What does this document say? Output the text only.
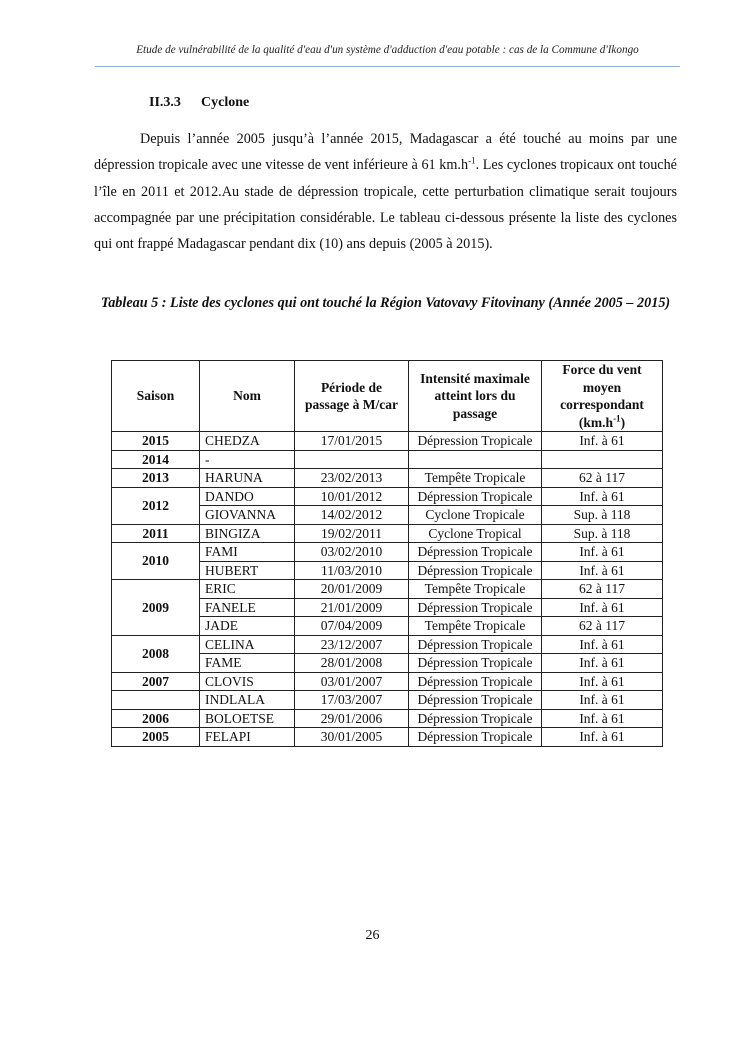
Etude de vulnérabilité de la qualité d'eau d'un système d'adduction d'eau potable : cas de la Commune d'Ikongo
II.3.3 Cyclone

Depuis l’année 2005 jusqu’à l’année 2015, Madagascar a été touché au moins par une dépression tropicale avec une vitesse de vent inférieure à 61 $km.h^{-1}$. Les cyclones tropicaux ont touché l’île en 2011 et 2012.Au stade de dépression tropicale, cette perturbation climatique serait toujours accompagnée par une précipitation considérable. Le tableau ci-dessous présente la liste des cyclones qui ont frappé Madagascar pendant dix (10) ans depuis (2005 à 2015).

Tableau 5 : Liste des cyclones qui ont touché la Région Vatovavy Fitovinany (Année 2005 – 2015)
Saison	Nom	Période de passage à M/car	Intensité maximale atteint lors du passage	Force du vent moyen correspondant $(km.h^{-1})$
2015	CHEDZA	17/01/2015	Dépression Tropicale	Inf. à 61
2014	-			
2013	HARUNA	23/02/2013	Tempête Tropicale	62 à 117
2012	DANDO	10/01/2012	Dépression Tropicale	Inf. à 61
	GIOVANNA	14/02/2012	Cyclone Tropicale	Sup. à 118
2011	BINGIZA	19/02/2011	Cyclone Tropical	Sup. à 118
2010	FAMI	03/02/2010	Dépression Tropicale	Inf. à 61
	HUBERT	11/03/2010	Dépression Tropicale	Inf. à 61
2009	ERIC	20/01/2009	Tempête Tropicale	62 à 117
	FANELE	21/01/2009	Dépression Tropicale	Inf. à 61
	JADE	07/04/2009	Tempête Tropicale	62 à 117
2008	CELINA	23/12/2007	Dépression Tropicale	Inf. à 61
	FAME	28/01/2008	Dépression Tropicale	Inf. à 61
2007	CLOVIS	03/01/2007	Dépression Tropicale	Inf. à 61
	INDLALA	17/03/2007	Dépression Tropicale	Inf. à 61
2006	BOLOETSE	29/01/2006	Dépression Tropicale	Inf. à 61
2005	FELAPI	30/01/2005	Dépression Tropicale	Inf. à 61
26
